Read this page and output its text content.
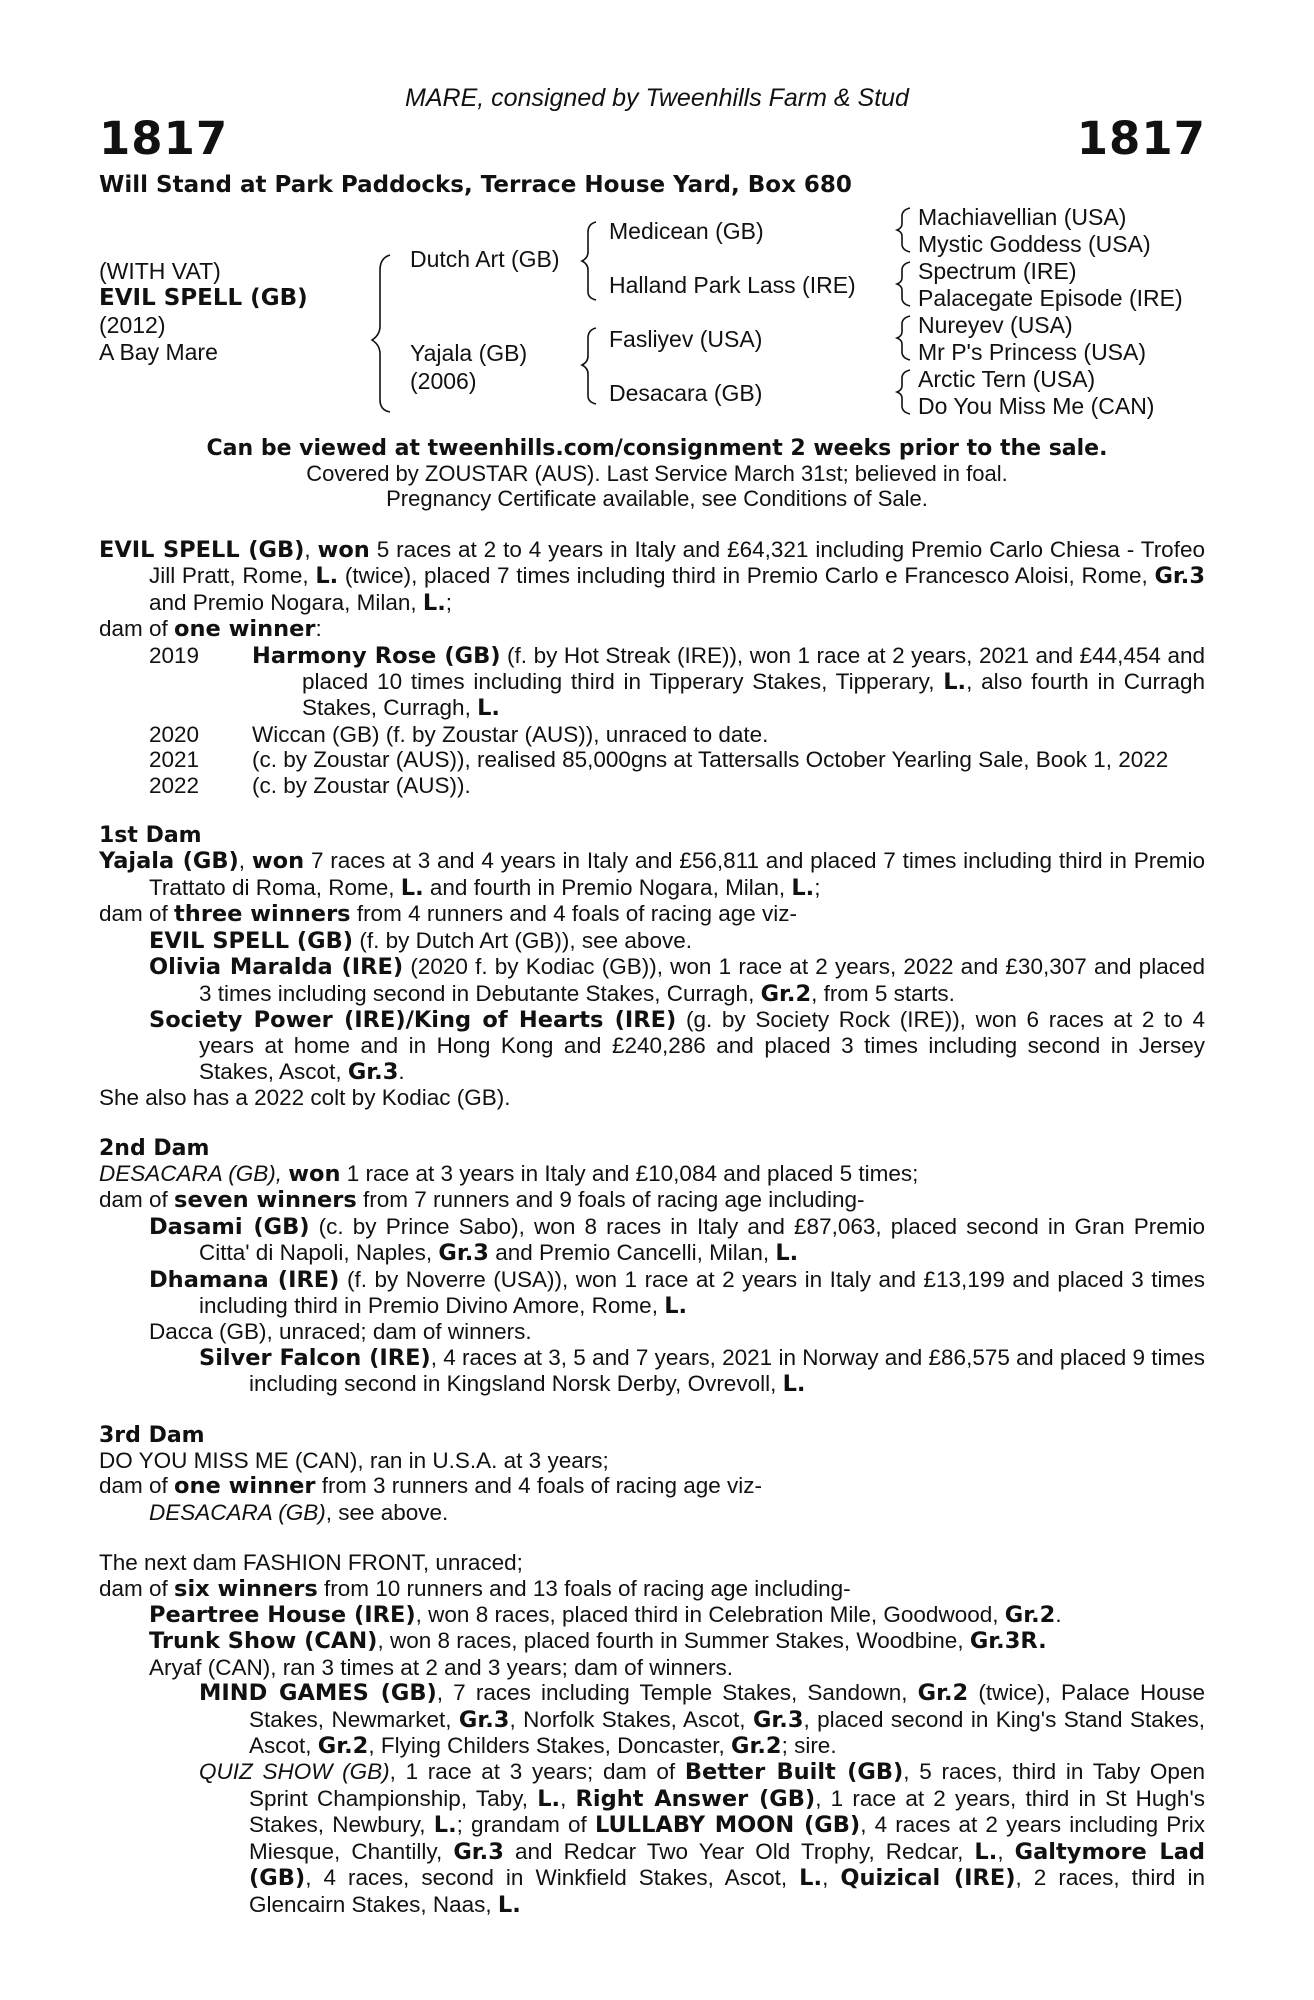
MARE, consigned by Tweenhills Farm & Stud
1817	1817
Will Stand at Park Paddocks, Terrace House Yard, Box 680
(WITH VAT)
EVIL SPELL (GB)
(2012)
A Bay Mare
Dutch Art (GB)
Yajala (GB)
(2006)
Medicean (GB)
Halland Park Lass (IRE)
Fasliyev (USA)
Desacara (GB)
Machiavellian (USA)
Mystic Goddess (USA)
Spectrum (IRE)
Palacegate Episode (IRE)
Nureyev (USA)
Mr P's Princess (USA)
Arctic Tern (USA)
Do You Miss Me (CAN)
Can be viewed at tweenhills.com/consignment 2 weeks prior to the sale.
Covered by ZOUSTAR (AUS). Last Service March 31st; believed in foal.
Pregnancy Certificate available, see Conditions of Sale.

EVIL SPELL (GB), won 5 races at 2 to 4 years in Italy and £64,321 including Premio Carlo Chiesa - Trofeo Jill Pratt, Rome, L. (twice), placed 7 times including third in Premio Carlo e Francesco Aloisi, Rome, Gr.3 and Premio Nogara, Milan, L.;

dam of one winner:

2019	Harmony Rose (GB) (f. by Hot Streak (IRE)), won 1 race at 2 years, 2021 and £44,454 and placed 10 times including third in Tipperary Stakes, Tipperary, L., also fourth in Curragh Stakes, Curragh, L.
2020	Wiccan (GB) (f. by Zoustar (AUS)), unraced to date.
2021	(c. by Zoustar (AUS)), realised 85,000gns at Tattersalls October Yearling Sale, Book 1, 2022
2022	(c. by Zoustar (AUS)).

1st Dam

Yajala (GB), won 7 races at 3 and 4 years in Italy and £56,811 and placed 7 times including third in Premio Trattato di Roma, Rome, L. and fourth in Premio Nogara, Milan, L.;

dam of three winners from 4 runners and 4 foals of racing age viz-

EVIL SPELL (GB) (f. by Dutch Art (GB)), see above.

Olivia Maralda (IRE) (2020 f. by Kodiac (GB)), won 1 race at 2 years, 2022 and £30,307 and placed 3 times including second in Debutante Stakes, Curragh, Gr.2, from 5 starts.

Society Power (IRE)/King of Hearts (IRE) (g. by Society Rock (IRE)), won 6 races at 2 to 4 years at home and in Hong Kong and £240,286 and placed 3 times including second in Jersey Stakes, Ascot, Gr.3.

She also has a 2022 colt by Kodiac (GB).

2nd Dam

DESACARA (GB), won 1 race at 3 years in Italy and £10,084 and placed 5 times;

dam of seven winners from 7 runners and 9 foals of racing age including-

Dasami (GB) (c. by Prince Sabo), won 8 races in Italy and £87,063, placed second in Gran Premio Citta' di Napoli, Naples, Gr.3 and Premio Cancelli, Milan, L.

Dhamana (IRE) (f. by Noverre (USA)), won 1 race at 2 years in Italy and £13,199 and placed 3 times including third in Premio Divino Amore, Rome, L.

Dacca (GB), unraced; dam of winners.

Silver Falcon (IRE), 4 races at 3, 5 and 7 years, 2021 in Norway and £86,575 and placed 9 times including second in Kingsland Norsk Derby, Ovrevoll, L.

3rd Dam

DO YOU MISS ME (CAN), ran in U.S.A. at 3 years;

dam of one winner from 3 runners and 4 foals of racing age viz-

DESACARA (GB), see above.

The next dam FASHION FRONT, unraced;

dam of six winners from 10 runners and 13 foals of racing age including-

Peartree House (IRE), won 8 races, placed third in Celebration Mile, Goodwood, Gr.2.

Trunk Show (CAN), won 8 races, placed fourth in Summer Stakes, Woodbine, Gr.3R.

Aryaf (CAN), ran 3 times at 2 and 3 years; dam of winners.

MIND GAMES (GB), 7 races including Temple Stakes, Sandown, Gr.2 (twice), Palace House Stakes, Newmarket, Gr.3, Norfolk Stakes, Ascot, Gr.3, placed second in King's Stand Stakes, Ascot, Gr.2, Flying Childers Stakes, Doncaster, Gr.2; sire.

QUIZ SHOW (GB), 1 race at 3 years; dam of Better Built (GB), 5 races, third in Taby Open Sprint Championship, Taby, L., Right Answer (GB), 1 race at 2 years, third in St Hugh's Stakes, Newbury, L.; grandam of LULLABY MOON (GB), 4 races at 2 years including Prix Miesque, Chantilly, Gr.3 and Redcar Two Year Old Trophy, Redcar, L., Galtymore Lad (GB), 4 races, second in Winkfield Stakes, Ascot, L., Quizical (IRE), 2 races, third in Glencairn Stakes, Naas, L.
